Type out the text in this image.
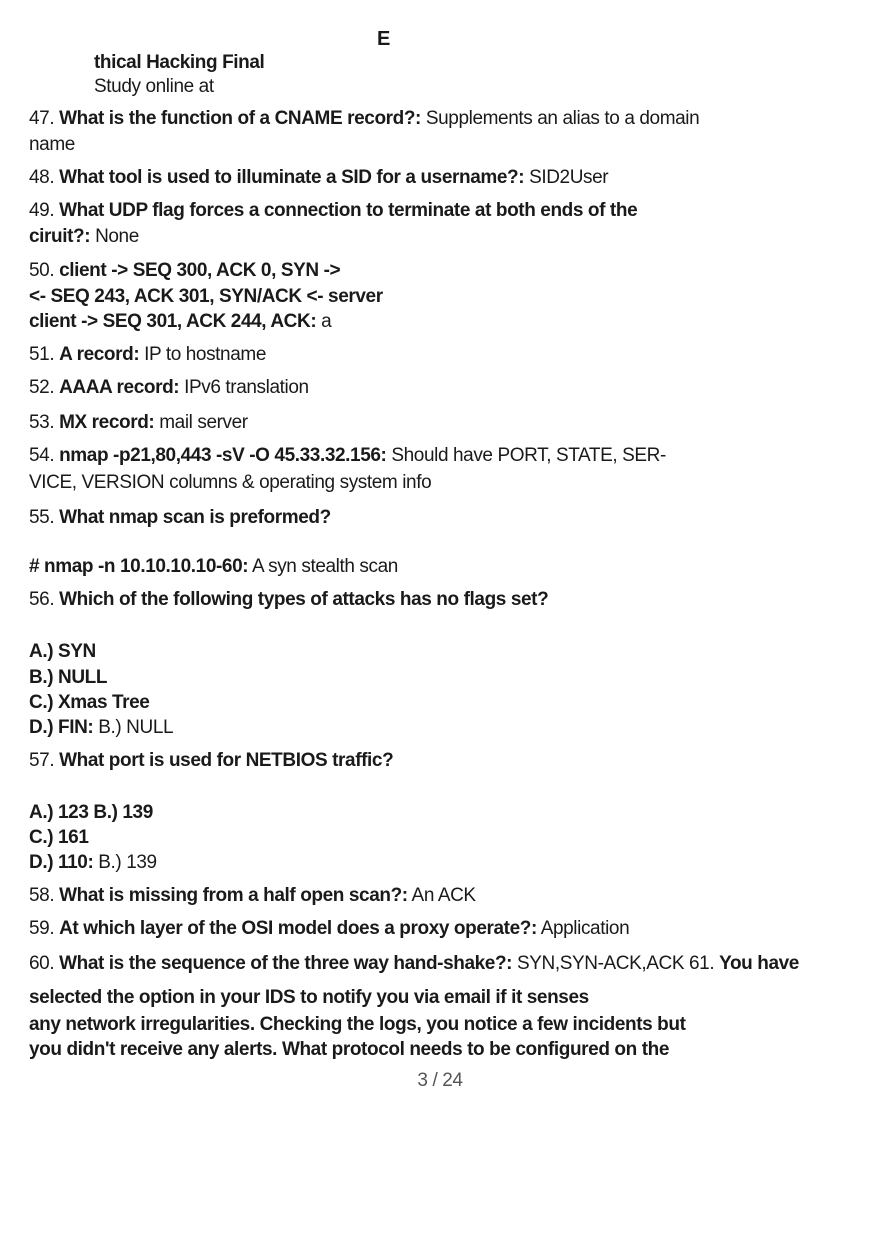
E
thical Hacking Final
Study online at
47. What is the function of a CNAME record?: Supplements an alias to a domain
name
48. What tool is used to illuminate a SID for a username?: SID2User
49. What UDP flag forces a connection to terminate at both ends of the
ciruit?: None
50. client -> SEQ 300, ACK 0, SYN ->
<- SEQ 243, ACK 301, SYN/ACK <- server
client -> SEQ 301, ACK 244, ACK: a
51. A record: IP to hostname
52. AAAA record: IPv6 translation
53. MX record: mail server
54. nmap -p21,80,443 -sV -O 45.33.32.156: Should have PORT, STATE, SER-
VICE, VERSION columns & operating system info
55. What nmap scan is preformed?
# nmap -n 10.10.10.10-60: A syn stealth scan
56. Which of the following types of attacks has no flags set?
A.) SYN
B.) NULL
C.) Xmas Tree
D.) FIN: B.) NULL
57. What port is used for NETBIOS traffic?
A.) 123 B.) 139
C.) 161
D.) 110: B.) 139
58. What is missing from a half open scan?: An ACK
59. At which layer of the OSI model does a proxy operate?: Application
60. What is the sequence of the three way hand-shake?: SYN,SYN-ACK,ACK 61. You have
selected the option in your IDS to notify you via email if it senses
any network irregularities. Checking the logs, you notice a few incidents but
you didn't receive any alerts. What protocol needs to be configured on the
3 / 24
